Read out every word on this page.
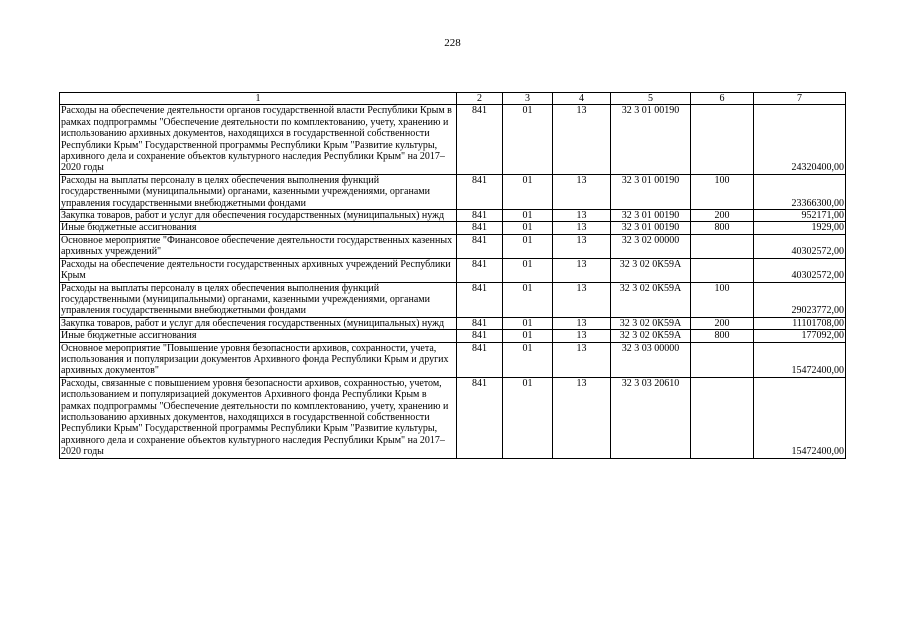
228
1	2	3	4	5	6	7
Расходы на обеспечение деятельности органов государственной власти Республики Крым в рамках подпрограммы "Обеспечение деятельности по комплектованию, учету, хранению и использованию архивных документов, находящихся в государственной собственности Республики Крым" Государственной программы Республики Крым "Развитие культуры, архивного дела и сохранение объектов культурного наследия Республики Крым" на 2017–2020 годы	841	01	13	32 3 01 00190		24320400,00
Расходы на выплаты персоналу в целях обеспечения выполнения функций государственными (муниципальными) органами, казенными учреждениями, органами управления государственными внебюджетными фондами	841	01	13	32 3 01 00190	100	23366300,00
Закупка товаров, работ и услуг для обеспечения государственных (муниципальных) нужд	841	01	13	32 3 01 00190	200	952171,00
Иные бюджетные ассигнования	841	01	13	32 3 01 00190	800	1929,00
Основное мероприятие "Финансовое обеспечение деятельности государственных казенных архивных учреждений"	841	01	13	32 3 02 00000		40302572,00
Расходы на обеспечение деятельности государственных архивных учреждений Республики Крым	841	01	13	32 3 02 0К59А		40302572,00
Расходы на выплаты персоналу в целях обеспечения выполнения функций государственными (муниципальными) органами, казенными учреждениями, органами управления государственными внебюджетными фондами	841	01	13	32 3 02 0К59А	100	29023772,00
Закупка товаров, работ и услуг для обеспечения государственных (муниципальных) нужд	841	01	13	32 3 02 0К59А	200	11101708,00
Иные бюджетные ассигнования	841	01	13	32 3 02 0К59А	800	177092,00
Основное мероприятие "Повышение уровня безопасности архивов, сохранности, учета, использования и популяризации документов Архивного фонда Республики Крым и других архивных документов"	841	01	13	32 3 03 00000		15472400,00
Расходы, связанные с повышением уровня безопасности архивов, сохранностью, учетом, использованием и популяризацией документов Архивного фонда Республики Крым в рамках подпрограммы "Обеспечение деятельности по комплектованию, учету, хранению и использованию архивных документов, находящихся в государственной собственности Республики Крым" Государственной программы Республики Крым "Развитие культуры, архивного дела и сохранение объектов культурного наследия Республики Крым" на 2017–2020 годы	841	01	13	32 3 03 20610		15472400,00
